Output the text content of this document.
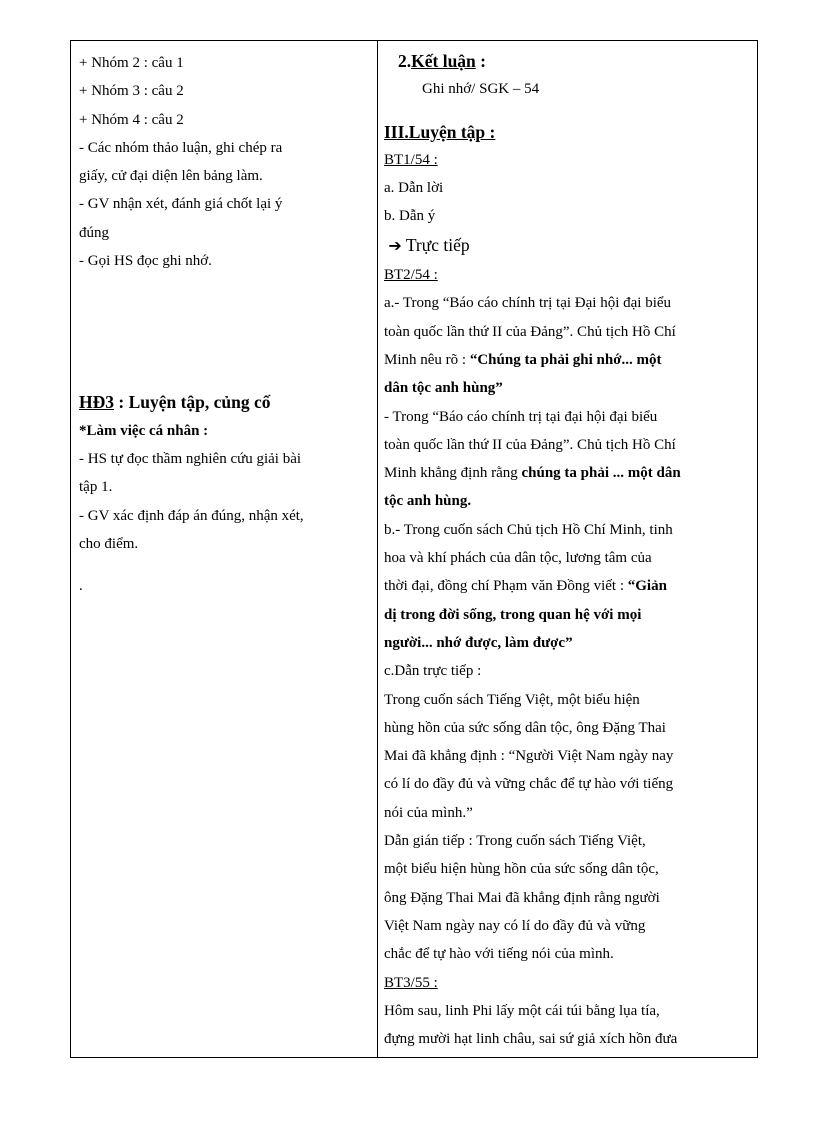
+ Nhóm 2 : câu 1
+ Nhóm 3 : câu 2
+ Nhóm 4 : câu 2
- Các nhóm thảo luận, ghi chép ra
giấy, cử đại diện lên bảng làm.
- GV nhận xét, đánh giá chốt lại ý
đúng
- Gọi HS đọc ghi nhớ.
HĐ3 : Luyện tập, củng cố
*Làm việc cá nhân :
- HS tự đọc thầm nghiên cứu giải bài
tập 1.
- GV xác định đáp án đúng, nhận xét,
cho điểm.
.

2.Kết luận :
Ghi nhớ/ SGK – 54
III.Luyện tập :
BT1/54 :
a. Dẫn lời
b. Dẫn ý
➔ Trực tiếp
BT2/54 :
a.- Trong “Báo cáo chính trị tại Đại hội đại biểu
toàn quốc lần thứ II của Đảng”. Chủ tịch Hồ Chí
Minh nêu rõ : “Chúng ta phải ghi nhớ... một
dân tộc anh hùng”
- Trong “Báo cáo chính trị tại đại hội đại biểu
toàn quốc lần thứ II của Đảng”. Chủ tịch Hồ Chí
Minh khẳng định rằng chúng ta phải ... một dân
tộc anh hùng.
b.- Trong cuốn sách Chủ tịch Hồ Chí Minh, tinh
hoa và khí phách của dân tộc, lương tâm của
thời đại, đồng chí Phạm văn Đồng viết : “Giản
dị trong đời sống, trong quan hệ với mọi
người... nhớ được, làm được”
c.Dẫn trực tiếp :
Trong cuốn sách Tiếng Việt, một biểu hiện
hùng hồn của sức sống dân tộc, ông Đặng Thai
Mai đã khẳng định : “Người Việt Nam ngày nay
có lí do đầy đủ và vững chắc để tự hào với tiếng
nói của mình.”
Dẫn gián tiếp : Trong cuốn sách Tiếng Việt,
một biểu hiện hùng hồn của sức sống dân tộc,
ông Đặng Thai Mai đã khẳng định rằng người
Việt Nam ngày nay có lí do đầy đủ và vững
chắc để tự hào với tiếng nói của mình.
BT3/55 :
Hôm sau, linh Phi lấy một cái túi bằng lụa tía,
đựng mười hạt linh châu, sai sứ giả xích hồn đưa
